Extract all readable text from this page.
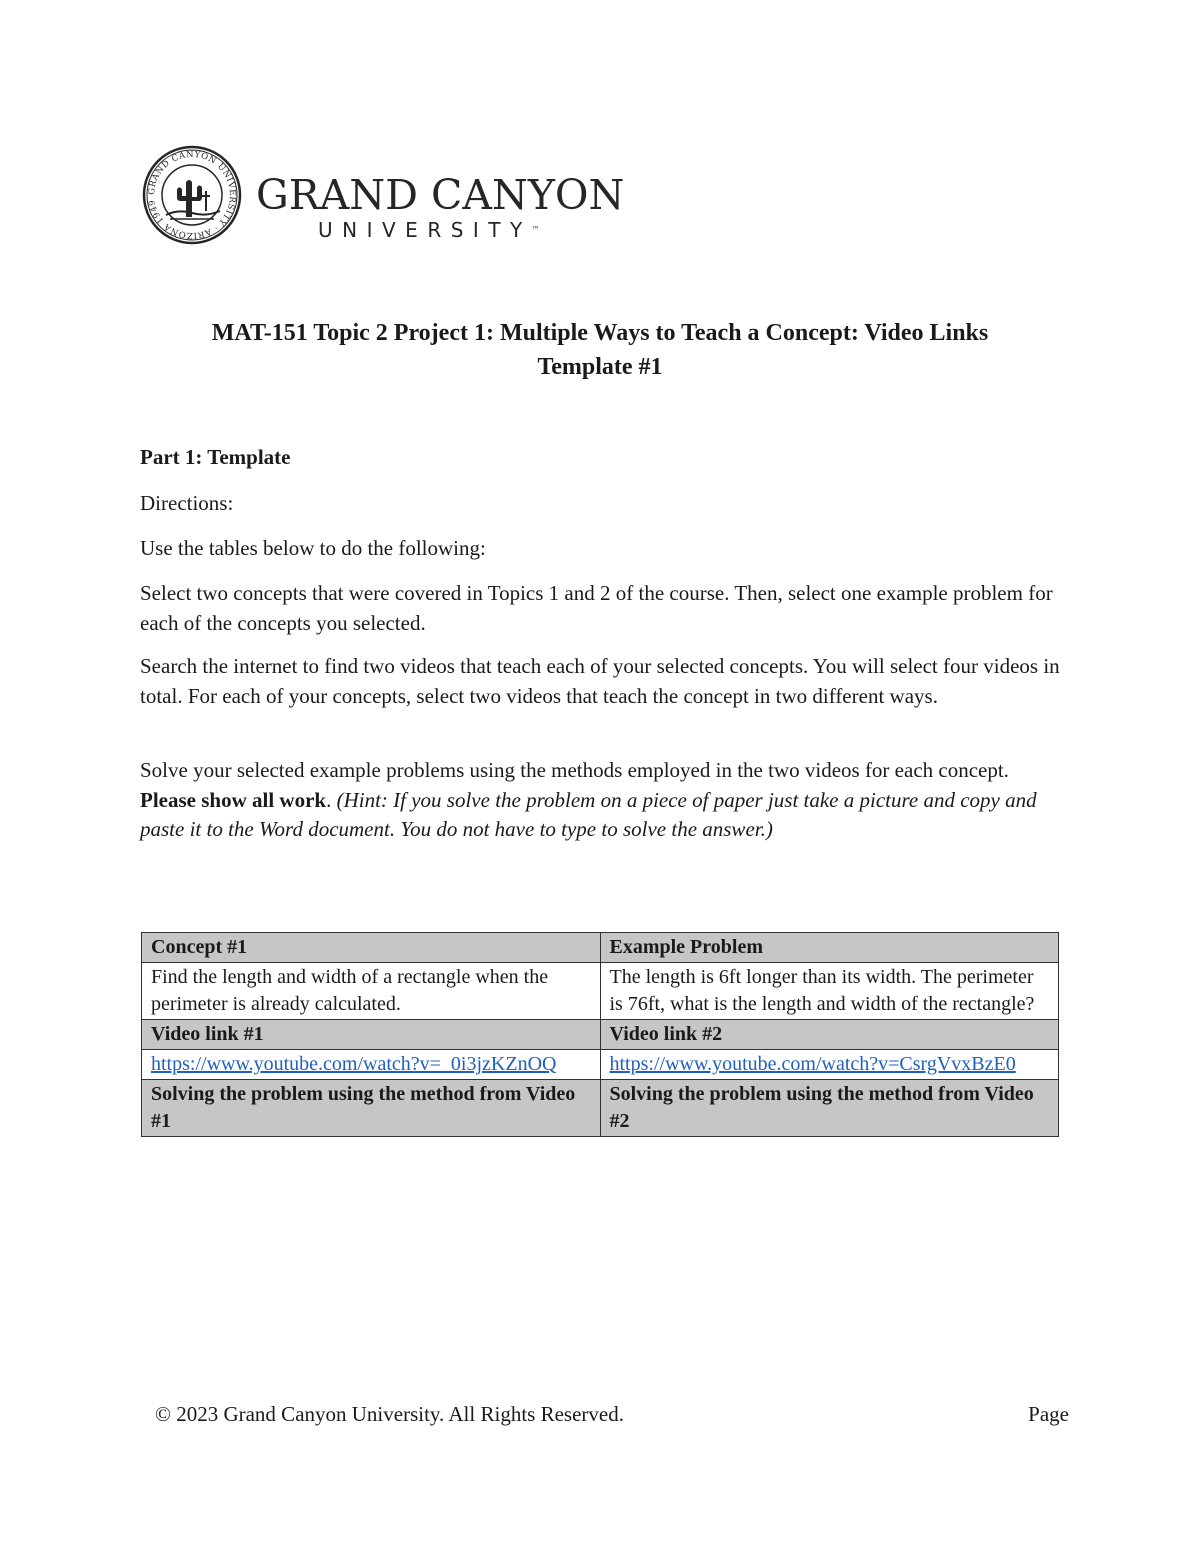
GRAND CANYON UNIVERSITY · ARIZONA 1949	GRAND CANYON
UNIVERSITY™
MAT-151 Topic 2 Project 1: Multiple Ways to Teach a Concept: Video Links
Template #1
Part 1: Template

Directions:

Use the tables below to do the following:

Select two concepts that were covered in Topics 1 and 2 of the course. Then, select one example problem for each of the concepts you selected.

Search the internet to find two videos that teach each of your selected concepts. You will select four videos in total. For each of your concepts, select two videos that teach the concept in two different ways.

Solve your selected example problems using the methods employed in the two videos for each concept. Please show all work. (Hint: If you solve the problem on a piece of paper just take a picture and copy and paste it to the Word document. You do not have to type to solve the answer.)

Concept #1	Example Problem
Find the length and width of a rectangle when the perimeter is already calculated.	The length is 6ft longer than its width. The perimeter is 76ft, what is the length and width of the rectangle?
Video link #1	Video link #2
https://www.youtube.com/watch?v=_0i3jzKZnOQ	https://www.youtube.com/watch?v=CsrgVvxBzE0
Solving the problem using the method from Video #1	Solving the problem using the method from Video #2
© 2023 Grand Canyon University. All Rights Reserved.	Page
